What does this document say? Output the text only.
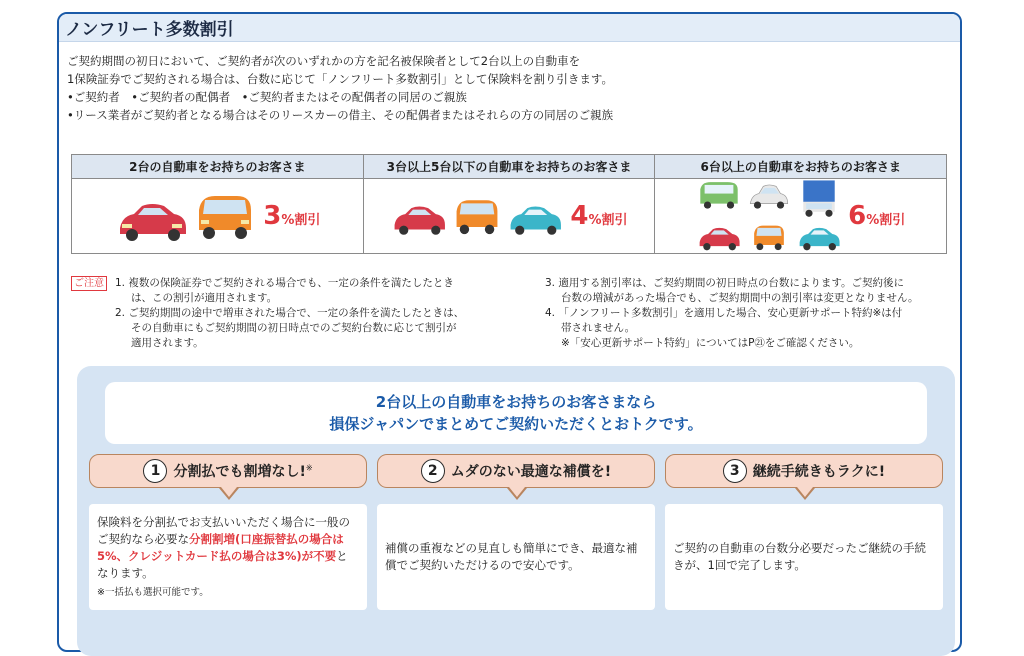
ノンフリート多数割引
ご契約期間の初日において、ご契約者が次のいずれかの方を記名被保険者として2台以上の自動車を
1保険証券でご契約される場合は、台数に応じて「ノンフリート多数割引」として保険料を割り引きます。
•ご契約者　•ご契約者の配偶者　•ご契約者またはその配偶者の同居のご親族
•リース業者がご契約者となる場合はそのリースカーの借主、その配偶者またはそれらの方の同居のご親族
2台の自動車をお持ちのお客さま	3台以上5台以下の自動車をお持ちのお客さま	6台以上の自動車をお持ちのお客さま

3 %割引	4 %割引	6 %割引
ご注意 1. 複数の保険証券でご契約される場合でも、一定の条件を満たしたとき

は、この割引が適用されます。

2. ご契約期間の途中で増車された場合で、一定の条件を満たしたときは、

その自動車にもご契約期間の初日時点でのご契約台数に応じて割引が

適用されます。

3. 適用する割引率は、ご契約期間の初日時点の台数によります。ご契約後に

台数の増減があった場合でも、ご契約期間中の割引率は変更となりません。

4. 「ノンフリート多数割引」を適用した場合、安心更新サポート特約※は付

帯されません。

※「安心更新サポート特約」についてはP㉑をご確認ください。

2台以上の自動車をお持ちのお客さまなら
損保ジャパンでまとめてご契約いただくとおトクです。
1 分割払でも割増なし!※
保険料を分割払でお支払いいただく場合に一般のご契約なら必要な分割割増(口座振替払の場合は5%、クレジットカード払の場合は3%)が不要となります。
※一括払も選択可能です。
2 ムダのない最適な補償を!
補償の重複などの見直しも簡単にでき、最適な補償でご契約いただけるので安心です。
3 継続手続きもラクに!
ご契約の自動車の台数分必要だったご継続の手続きが、1回で完了します。
